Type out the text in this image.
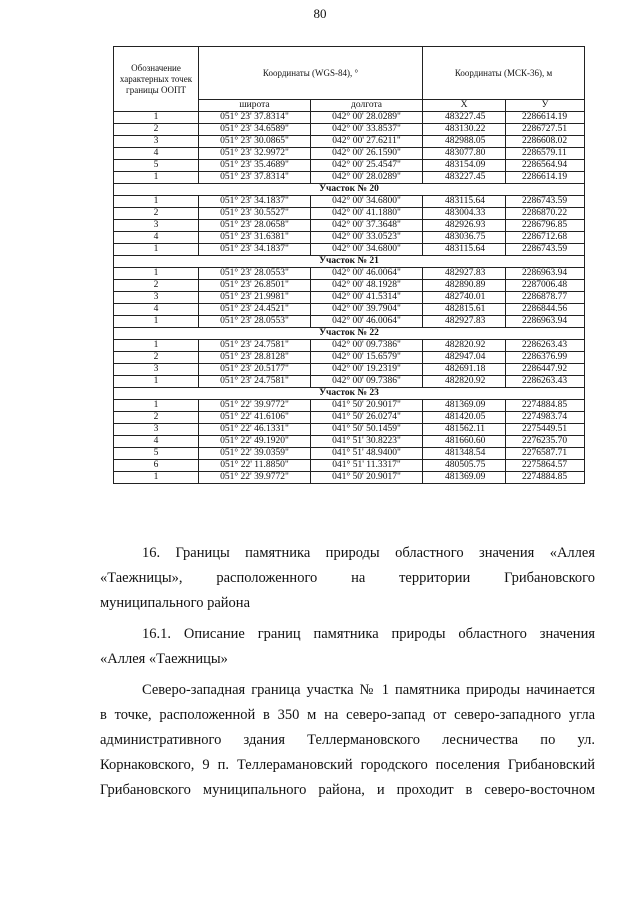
80
Обозначение характерных точек границы ООПТ	Координаты (WGS-84), °		Координаты (МСК-36), м	
	широта	долгота	X	У
1	051° 23' 37.8314"	042° 00' 28.0289"	483227.45	2286614.19
2	051° 23' 34.6589"	042° 00' 33.8537"	483130.22	2286727.51
3	051° 23' 30.0865"	042° 00' 27.6211"	482988.05	2286608.02
4	051° 23' 32.9972"	042° 00' 26.1590"	483077.80	2286579.11
5	051° 23' 35.4689"	042° 00' 25.4547"	483154.09	2286564.94
1	051° 23' 37.8314"	042° 00' 28.0289"	483227.45	2286614.19
Участок № 20				
1	051° 23' 34.1837"	042° 00' 34.6800"	483115.64	2286743.59
2	051° 23' 30.5527"	042° 00' 41.1880"	483004.33	2286870.22
3	051° 23' 28.0658"	042° 00' 37.3648"	482926.93	2286796.85
4	051° 23' 31.6381"	042° 00' 33.0523"	483036.75	2286712.68
1	051° 23' 34.1837"	042° 00' 34.6800"	483115.64	2286743.59
Участок № 21				
1	051° 23' 28.0553"	042° 00' 46.0064"	482927.83	2286963.94
2	051° 23' 26.8501"	042° 00' 48.1928"	482890.89	2287006.48
3	051° 23' 21.9981"	042° 00' 41.5314"	482740.01	2286878.77
4	051° 23' 24.4521"	042° 00' 39.7904"	482815.61	2286844.56
1	051° 23' 28.0553"	042° 00' 46.0064"	482927.83	2286963.94
Участок № 22				
1	051° 23' 24.7581"	042° 00' 09.7386"	482820.92	2286263.43
2	051° 23' 28.8128"	042° 00' 15.6579"	482947.04	2286376.99
3	051° 23' 20.5177"	042° 00' 19.2319"	482691.18	2286447.92
1	051° 23' 24.7581"	042° 00' 09.7386"	482820.92	2286263.43
Участок № 23				
1	051° 22' 39.9772"	041° 50' 20.9017"	481369.09	2274884.85
2	051° 22' 41.6106"	041° 50' 26.0274"	481420.05	2274983.74
3	051° 22' 46.1331"	041° 50' 50.1459"	481562.11	2275449.51
4	051° 22' 49.1920"	041° 51' 30.8223"	481660.60	2276235.70
5	051° 22' 39.0359"	041° 51' 48.9400"	481348.54	2276587.71
6	051° 22' 11.8850"	041° 51' 11.3317"	480505.75	2275864.57
1	051° 22' 39.9772"	041° 50' 20.9017"	481369.09	2274884.85
16. Границы памятника природы областного значения «Аллея
«Таежницы», расположенного на территории Грибановского
муниципального района
16.1. Описание границ памятника природы областного значения
«Аллея «Таежницы»
Северо-западная граница участка № 1 памятника природы начинается
в точке, расположенной в 350 м на северо-запад от северо-западного угла
административного здания Теллермановского лесничества по ул.
Корнаковского, 9 п. Теллерамановский городского поселения Грибановский
Грибановского муниципального района, и проходит в северо-восточном
